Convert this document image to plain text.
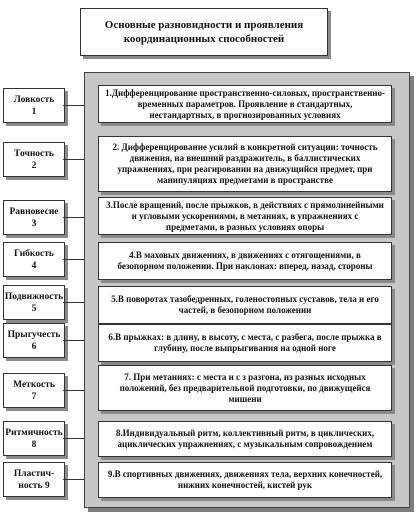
Основные разновидности и проявления координационных способностей
Ловкость
1
1.Дифференцирование пространственно-силовых, пространственно-временных параметров. Проявление в стандартных, нестандартных, в прогнозированных условиях
Точность
2
2. Дифференцирование усилий в конкретной ситуации: точность движения, на внешний раздражитель, в баллистических упражнениях, при реагировании на движущийся предмет, при манипуляциях предметами в пространстве
Равновесие
3
3.После вращений, после прыжков, в действиях с прямолинейными и угловыми ускорениями, в метаниях, в упражнениях с предметами, в разных условиях опоры
Гибкость
4
4.В маховых движениях, в движениях с отягощениями, в безопорном положении. При наклонах: вперед, назад, стороны
Подвижность
5
5.В поворотах тазобедренных, голеностопных суставов, тела и его частей, в безопорном положении
Прыгучесть
6
6.В прыжках: в длину, в высоту, с места, с разбега, после прыжка в глубину, после выпрыгивания на одной ноге
Меткость
7
7. При метаниях: с места и с з разгона, из разных исходных положений, без предварительной подготовки, по движущейся мишени
Ритмичность
8
8.Индивидуальный ритм, коллективный ритм, в циклических, ациклических упражнениях, с музыкальным сопровождением
Пластич-
ность 9
9.В спортивных движениях, движениях тела, верхних конечностей, нижних конечностей, кистей рук
